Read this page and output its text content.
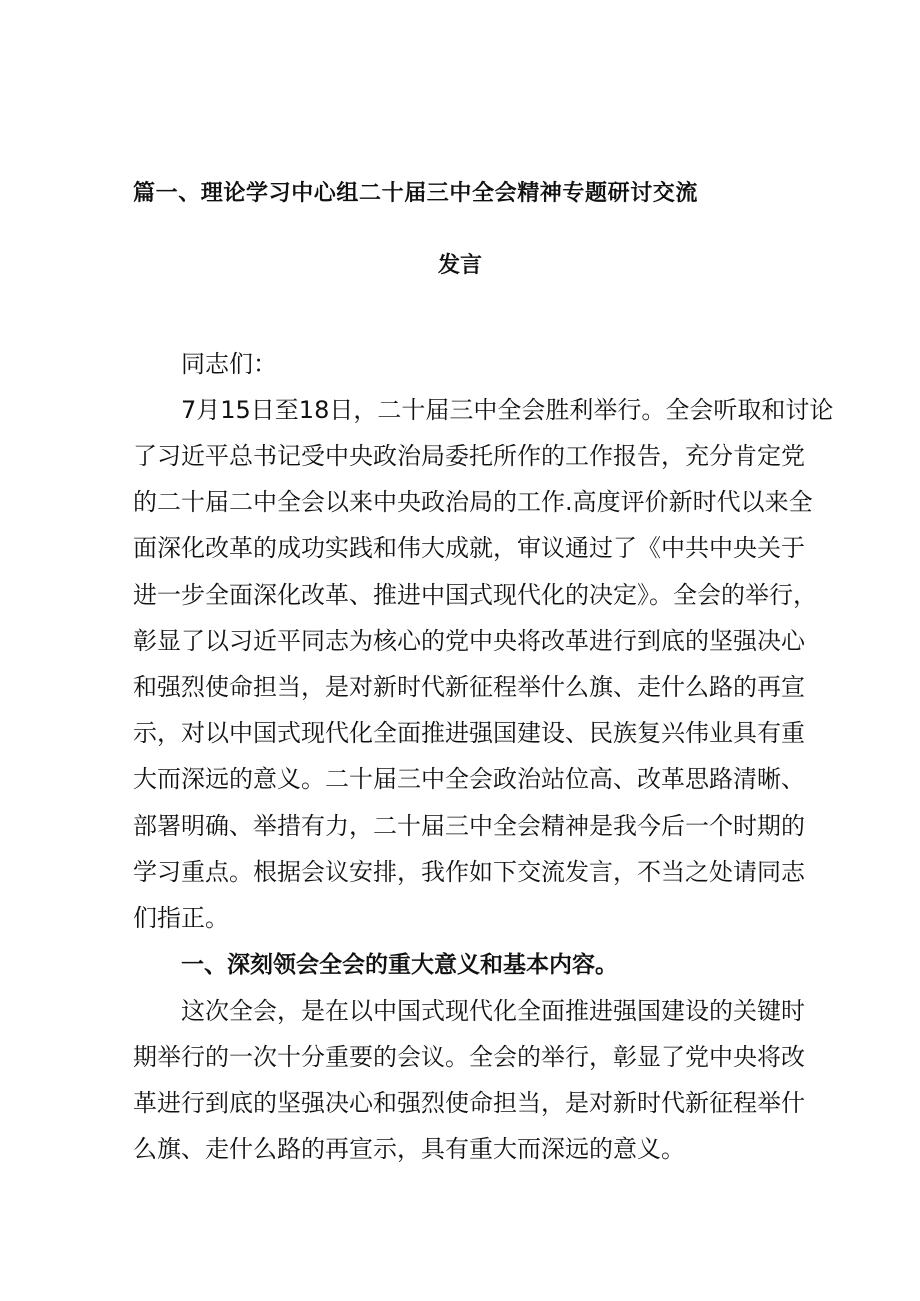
篇一、理论学习中心组二十届三中全会精神专题研讨交流
发言
同志们：
7月15日至18日，二十届三中全会胜利举行。全会听取和讨论
了习近平总书记受中央政治局委托所作的工作报告，充分肯定党
的二十届二中全会以来中央政治局的工作.高度评价新时代以来全
面深化改革的成功实践和伟大成就，审议通过了《中共中央关于
进一步全面深化改革、推进中国式现代化的决定》。全会的举行，
彰显了以习近平同志为核心的党中央将改革进行到底的坚强决心
和强烈使命担当，是对新时代新征程举什么旗、走什么路的再宣
示，对以中国式现代化全面推进强国建设、民族复兴伟业具有重
大而深远的意义。二十届三中全会政治站位高、改革思路清晰、
部署明确、举措有力，二十届三中全会精神是我今后一个时期的
学习重点。根据会议安排，我作如下交流发言，不当之处请同志
们指正。
一、深刻领会全会的重大意义和基本内容。
这次全会，是在以中国式现代化全面推进强国建设的关键时
期举行的一次十分重要的会议。全会的举行，彰显了党中央将改
革进行到底的坚强决心和强烈使命担当，是对新时代新征程举什
么旗、走什么路的再宣示，具有重大而深远的意义。
